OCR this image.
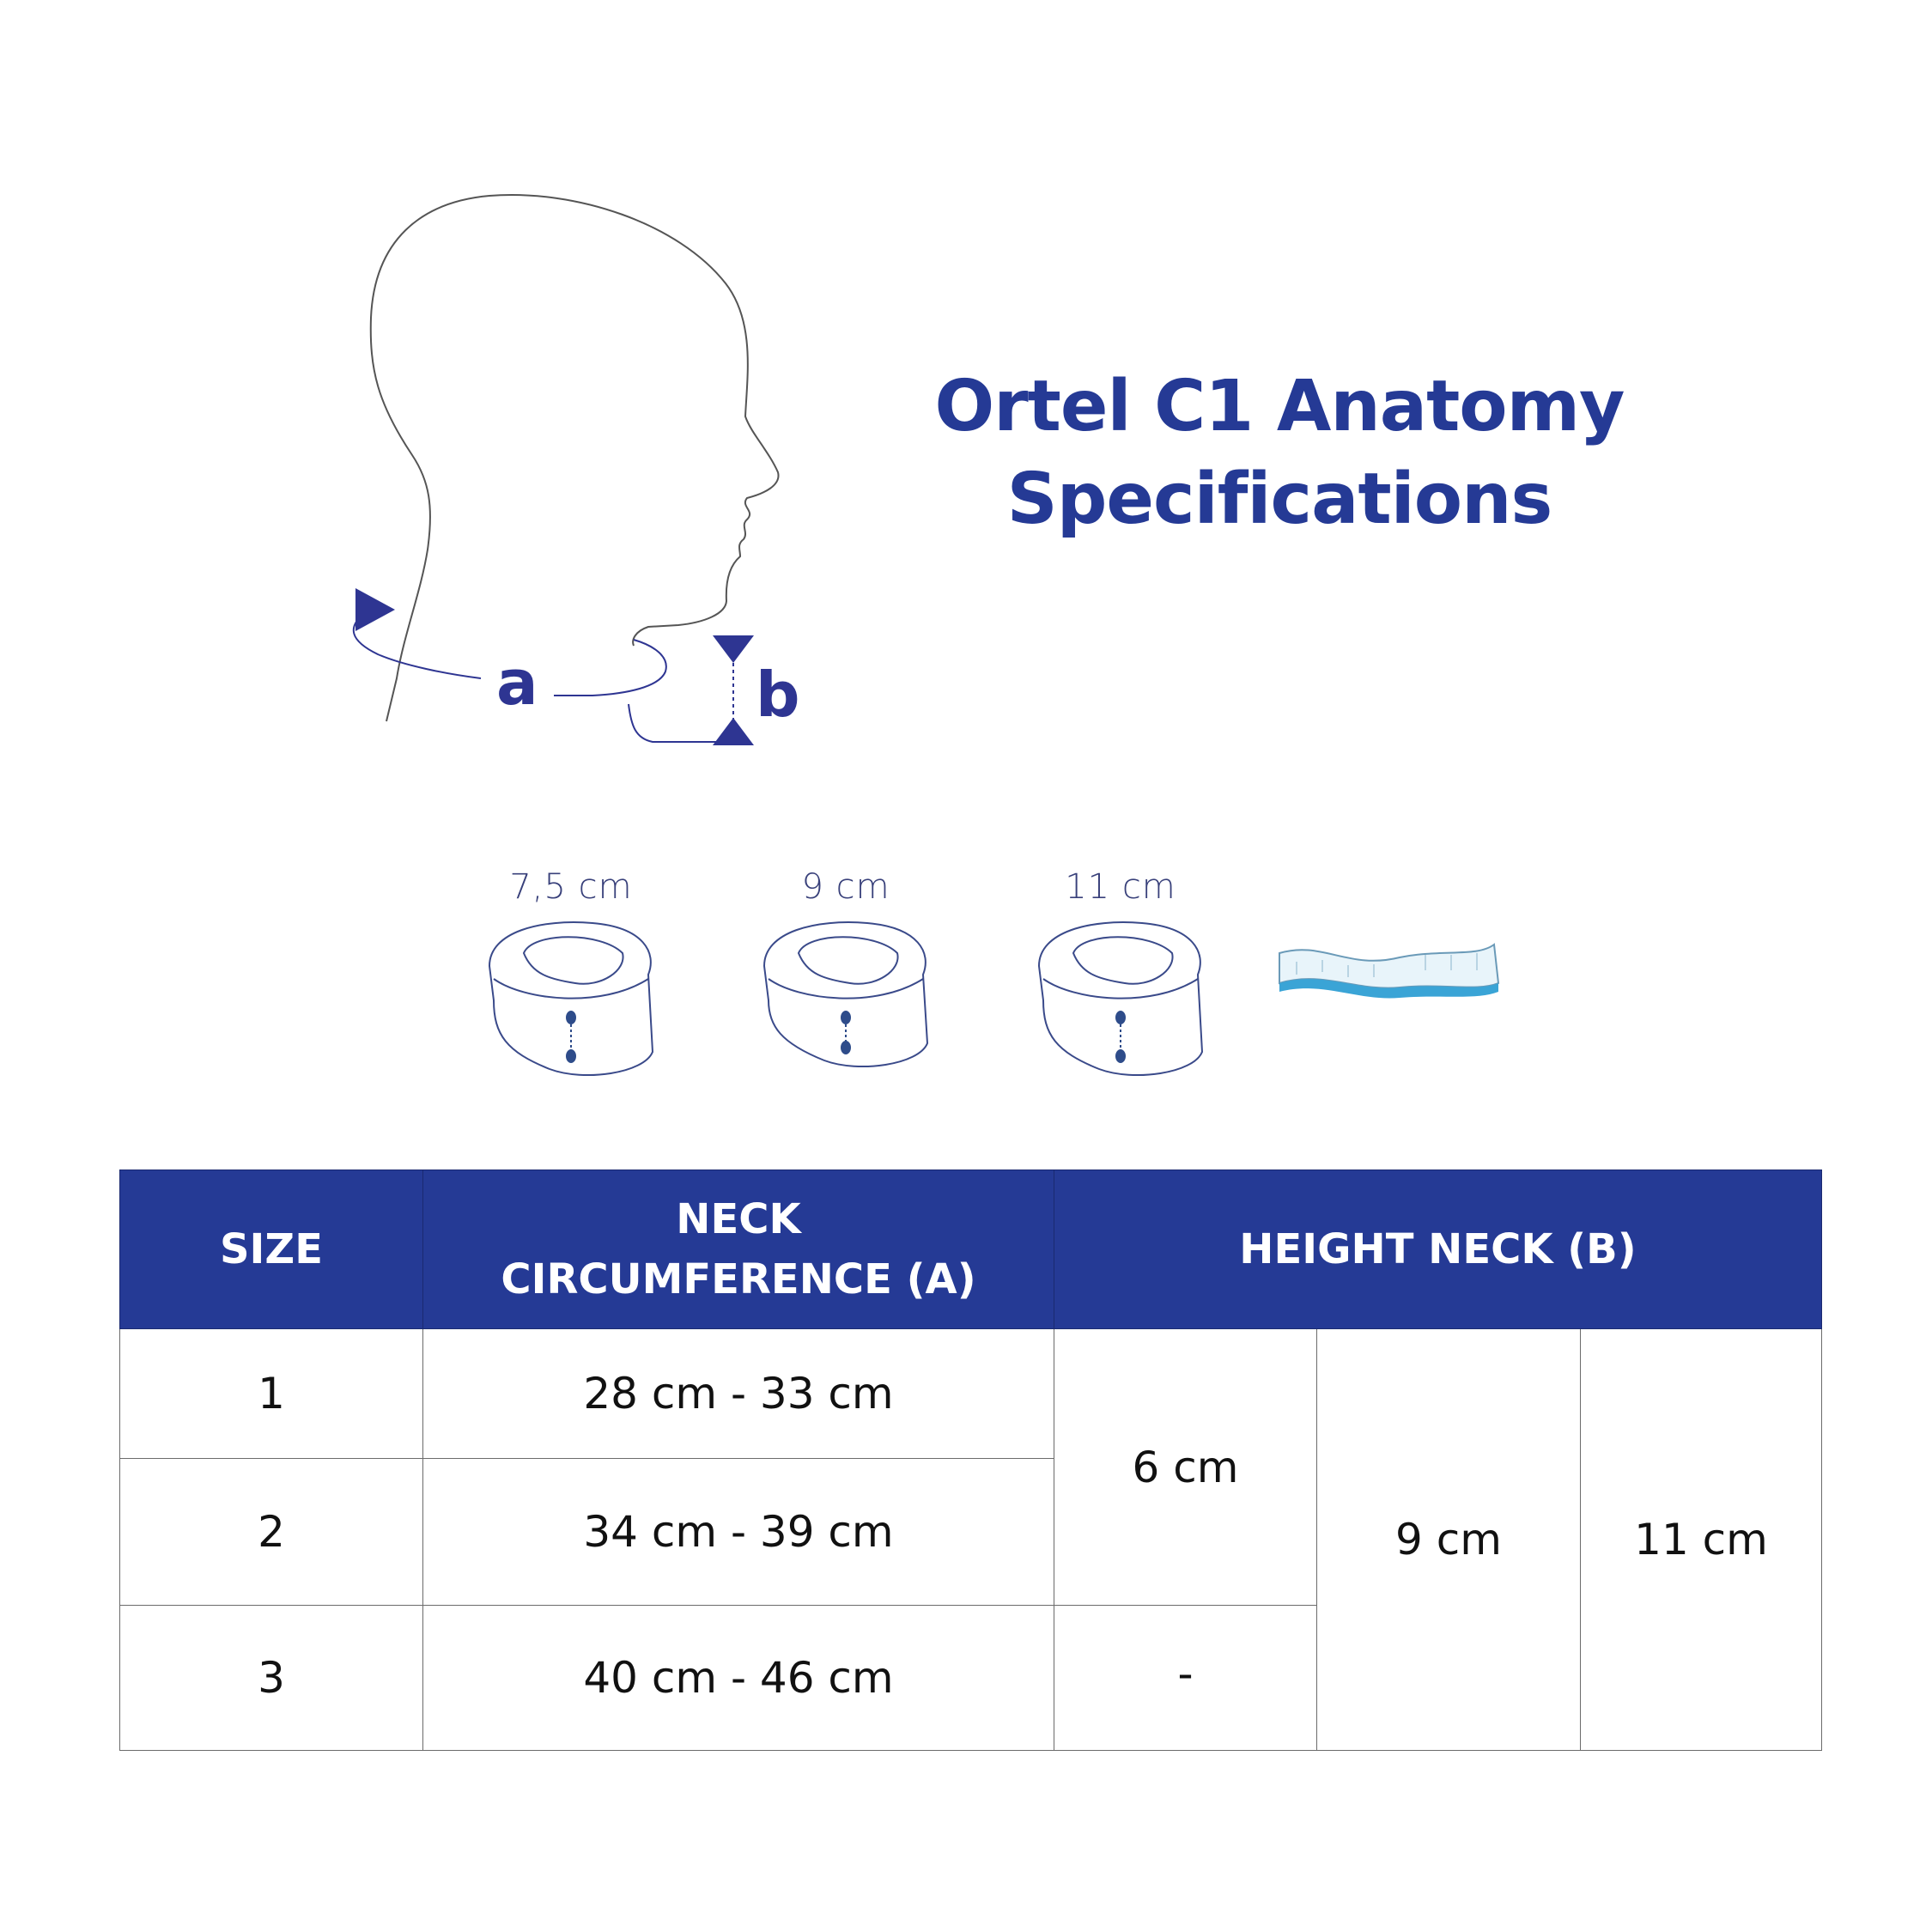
Ortel C1 Anatomy
Specifications
a	b
7,5 cm	9 cm	11 cm
SIZE	NECK CIRCUMFERENCE (A)	HEIGHT NECK (B)		
1	28 cm - 33 cm	6 cm	9 cm	11 cm
2	34 cm - 39 cm			
3	40 cm - 46 cm	-		
